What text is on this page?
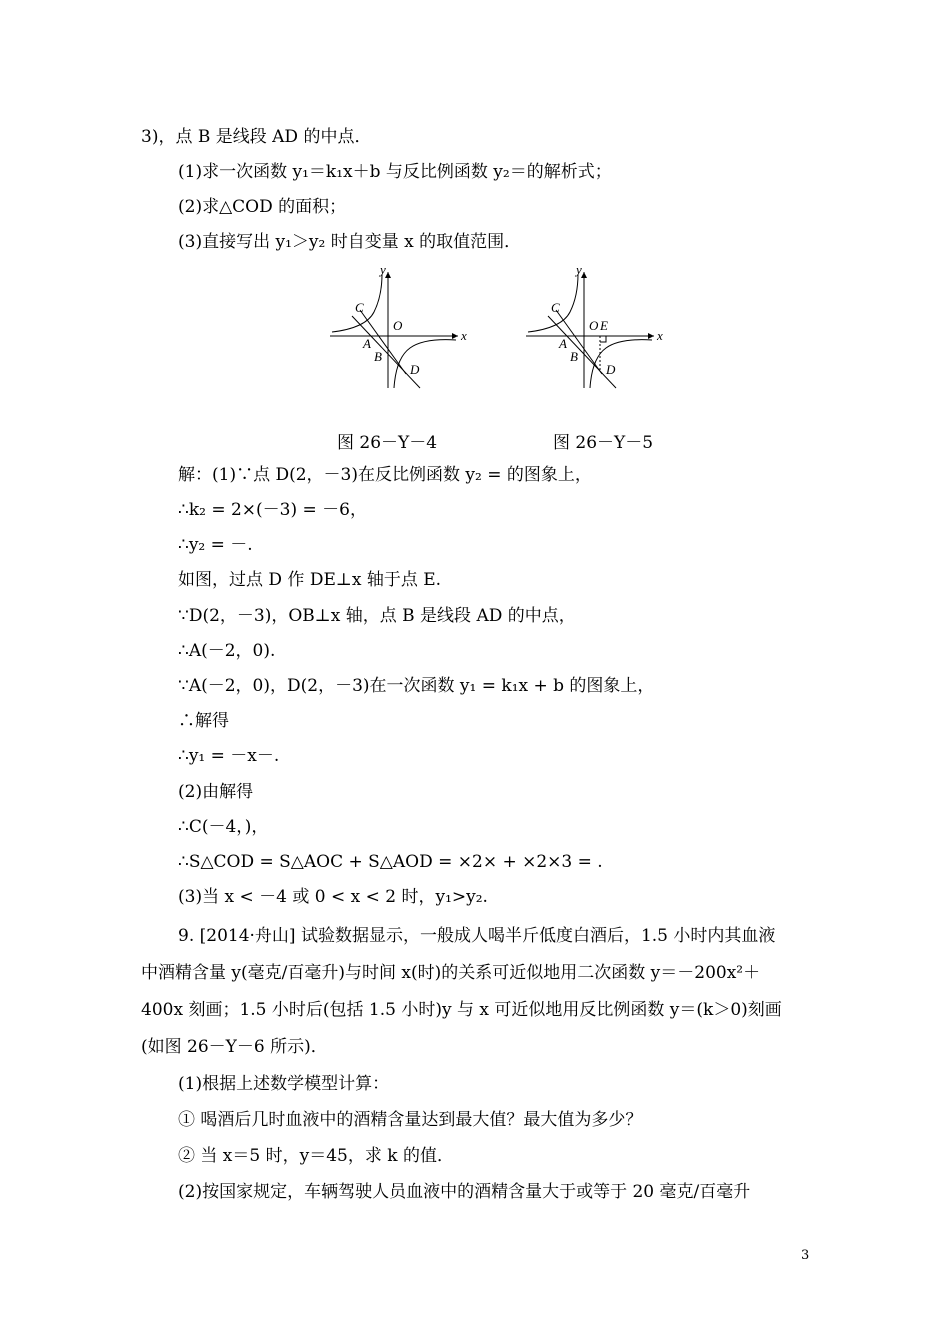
3)，点 B 是线段 AD 的中点．
(1)求一次函数 y₁＝k₁x＋b 与反比例函数 y₂＝的解析式；
(2)求△COD 的面积；
(3)直接写出 y₁＞y₂ 时自变量 x 的取值范围．
C
O
A
B
D
x
y
C
O E
A
B
D
x
y
图 26－Y－4	图 26－Y－5
解：(1)∵点 D(2，－3)在反比例函数 y₂ = 的图象上，
∴k₂ = 2×(－3) = －6，
∴y₂ = －.
如图，过点 D 作 DE⊥x 轴于点 E.
∵D(2，－3)，OB⊥x 轴，点 B 是线段 AD 的中点，
∴A(－2，0).
∵A(－2，0)，D(2，－3)在一次函数 y₁ = k₁x + b 的图象上，
∴解得
∴y₁ = －x－.
(2)由解得
∴C(－4，)，
∴S△COD = S△AOC + S△AOD = ×2× + ×2×3 = .
(3)当 x < －4 或 0 < x < 2 时，y₁>y₂.
9. [2014·舟山] 试验数据显示，一般成人喝半斤低度白酒后，1.5 小时内其血液
中酒精含量 y(毫克/百毫升)与时间 x(时)的关系可近似地用二次函数 y＝－200x²＋
400x 刻画；1.5 小时后(包括 1.5 小时)y 与 x 可近似地用反比例函数 y＝(k＞0)刻画
(如图 26－Y－6 所示)．
(1)根据上述数学模型计算：
① 喝酒后几时血液中的酒精含量达到最大值？最大值为多少？
② 当 x＝5 时，y＝45，求 k 的值．
(2)按国家规定，车辆驾驶人员血液中的酒精含量大于或等于 20 毫克/百毫升
3
